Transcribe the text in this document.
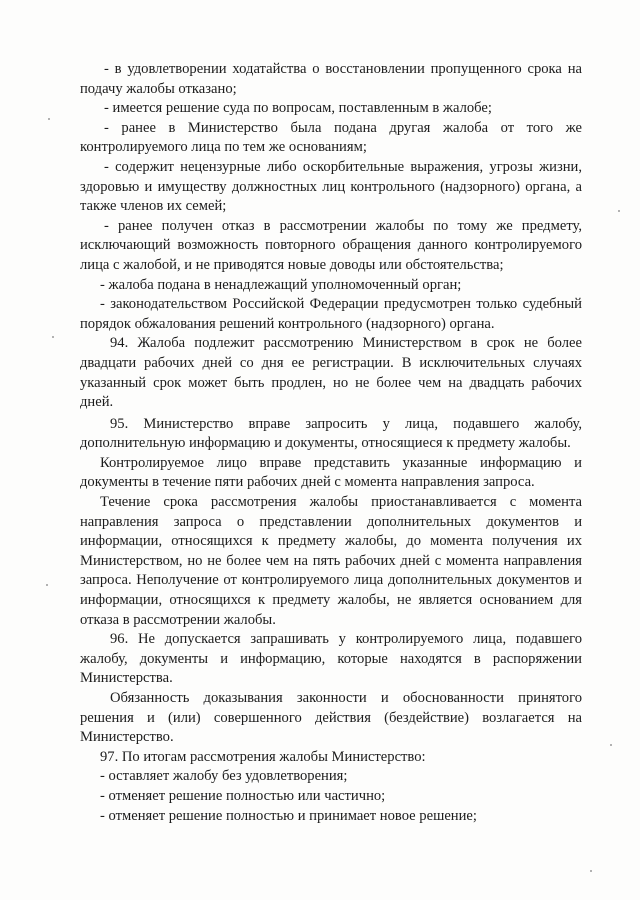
- в удовлетворении ходатайства о восстановлении пропущенного срока на подачу жалобы отказано;

- имеется решение суда по вопросам, поставленным в жалобе;

- ранее в Министерство была подана другая жалоба от того же контролируемого лица по тем же основаниям;

- содержит нецензурные либо оскорбительные выражения, угрозы жизни, здоровью и имуществу должностных лиц контрольного (надзорного) органа, а также членов их семей;

- ранее получен отказ в рассмотрении жалобы по тому же предмету, исключающий возможность повторного обращения данного контролируемого лица с жалобой, и не приводятся новые доводы или обстоятельства;

- жалоба подана в ненадлежащий уполномоченный орган;

- законодательством Российской Федерации предусмотрен только судебный порядок обжалования решений контрольного (надзорного) органа.

94. Жалоба подлежит рассмотрению Министерством в срок не более двадцати рабочих дней со дня ее регистрации. В исключительных случаях указанный срок может быть продлен, но не более чем на двадцать рабочих дней.

95. Министерство вправе запросить у лица, подавшего жалобу, дополнительную информацию и документы, относящиеся к предмету жалобы.

Контролируемое лицо вправе представить указанные информацию и документы в течение пяти рабочих дней с момента направления запроса.

Течение срока рассмотрения жалобы приостанавливается с момента направления запроса о представлении дополнительных документов и информации, относящихся к предмету жалобы, до момента получения их Министерством, но не более чем на пять рабочих дней с момента направления запроса. Неполучение от контролируемого лица дополнительных документов и информации, относящихся к предмету жалобы, не является основанием для отказа в рассмотрении жалобы.

96. Не допускается запрашивать у контролируемого лица, подавшего жалобу, документы и информацию, которые находятся в распоряжении Министерства.

Обязанность доказывания законности и обоснованности принятого решения и (или) совершенного действия (бездействие) возлагается на Министерство.

97. По итогам рассмотрения жалобы Министерство:

- оставляет жалобу без удовлетворения;

- отменяет решение полностью или частично;

- отменяет решение полностью и принимает новое решение;
